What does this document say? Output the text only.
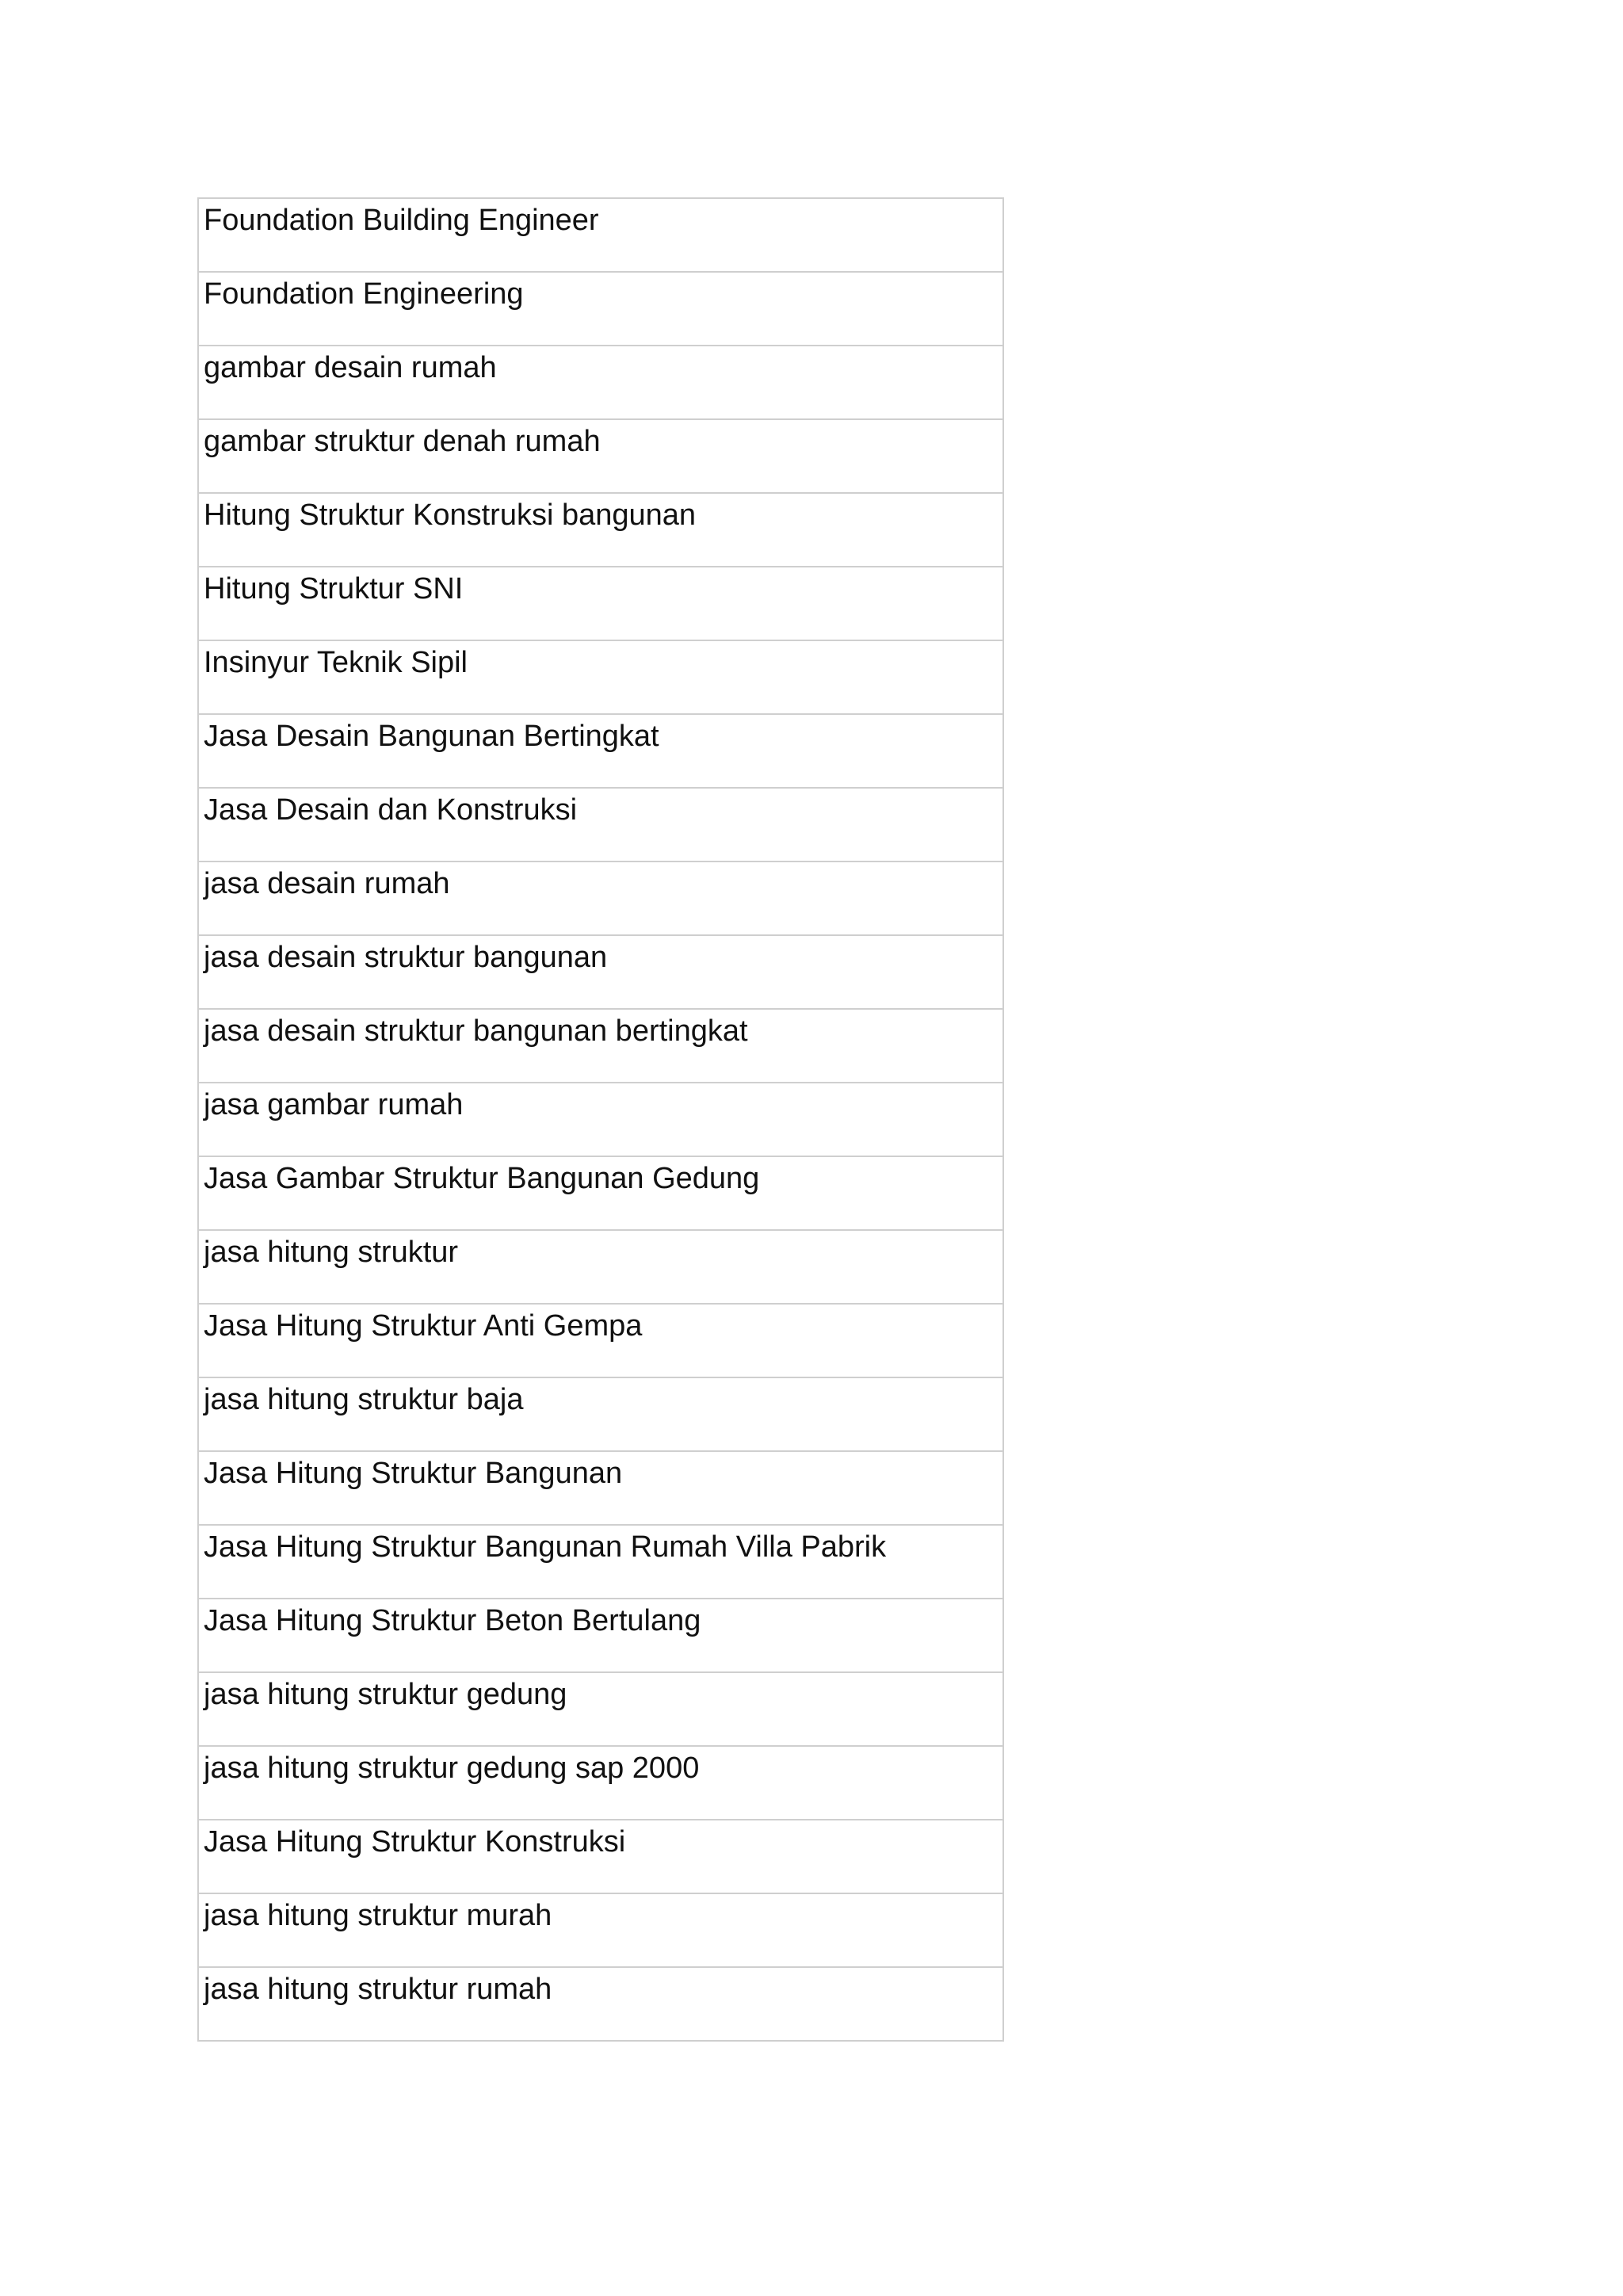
Foundation Building Engineer
Foundation Engineering
gambar desain rumah
gambar struktur denah rumah
Hitung Struktur Konstruksi bangunan
Hitung Struktur SNI
Insinyur Teknik Sipil
Jasa Desain Bangunan Bertingkat
Jasa Desain dan Konstruksi
jasa desain rumah
jasa desain struktur bangunan
jasa desain struktur bangunan bertingkat
jasa gambar rumah
Jasa Gambar Struktur Bangunan Gedung
jasa hitung struktur
Jasa Hitung Struktur Anti Gempa
jasa hitung struktur baja
Jasa Hitung Struktur Bangunan
Jasa Hitung Struktur Bangunan Rumah Villa Pabrik
Jasa Hitung Struktur Beton Bertulang
jasa hitung struktur gedung
jasa hitung struktur gedung sap 2000
Jasa Hitung Struktur Konstruksi
jasa hitung struktur murah
jasa hitung struktur rumah
